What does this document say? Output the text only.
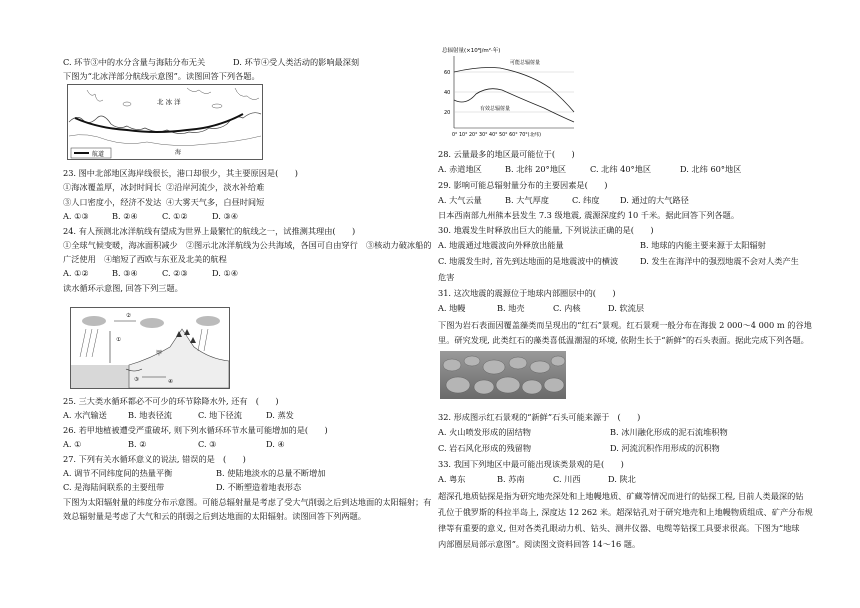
C. 环节③中的水分含量与海陆分布无关	D. 环节④受人类活动的影响最深刻
下图为“北冰洋部分航线示意图”。读图回答下列各题。
航道
北 冰 洋
海
23. 图中北部地区海岸线很长，港口却很少，其主要原因是(　　)
①海冰覆盖厚，冰封时间长 ②沿岸河流少，淡水补给难
③人口密度小，经济不发达 ④大雾天气多，白昼时间短
A. ①③	B. ②④	C. ①②	D. ③④
24. 有人预测北冰洋航线有望成为世界上最繁忙的航线之一，试推测其理由(　　)
①全球气候变暖，海冰面积减少　②图示北冰洋航线为公共海域，各国可自由穿行　③核动力破冰船的
广泛使用　④缩短了西欧与东亚及北美的航程
A. ①②	B. ③④	C. ②③	D. ①④
读水循环示意图, 回答下列三题。
甲
①
②
③	④
25. 三大类水循环都必不可少的环节除降水外, 还有　(　　)
A. 水汽输送	B. 地表径流	C. 地下径流	D. 蒸发
26. 若甲地植被遭受严重破坏, 则下列水循环环节水量可能增加的是(　　)
A. ①	B. ②	C. ③	D. ④
27. 下列有关水循环意义的说法, 错误的是　(　　)
A. 调节不同纬度间的热量平衡	B. 使陆地淡水的总量不断增加
C. 是海陆间联系的主要纽带	D. 不断塑造着地表形态
下图为太阳辐射量的纬度分布示意图。可能总辐射量是考虑了受大气削弱之后到达地面的太阳辐射；有
效总辐射量是考虑了大气和云的削弱之后到达地面的太阳辐射。读图回答下列两题。
总辐射量(×10⁸J/m²·年)
60
40
20
可能总辐射量
有效总辐射量
0° 10° 20° 30° 40° 50° 60° 70°(北纬)
28. 云量最多的地区最可能位于(　　)
A. 赤道地区	B. 北纬 20°地区	C. 北纬 40°地区	D. 北纬 60°地区
29. 影响可能总辐射量分布的主要因素是(　　)
A. 大气云量	B. 大气厚度	C. 纬度 D. 通过的大气路径
日本西南部九州熊本县发生 7.3 级地震, 震源深度约 10 千米。据此回答下列各题。
30. 地震发生时释放出巨大的能量, 下列说法正确的是(　　)
A. 地震通过地震波向外释放出能量	B. 地球的内能主要来源于太阳辐射
C. 地震发生时, 首先到达地面的是地震波中的横波	D. 发生在海洋中的强烈地震不会对人类产生
危害
31. 这次地震的震源位于地球内部圈层中的(　　)
A. 地幔	B. 地壳	C. 内核	D. 软流层
下图为岩石表面因覆盖藻类而呈现出的“红石”景观。红石景观一般分布在海拔 2 000～4 000 m 的谷地
里。研究发现, 此类红石的藻类喜低温潮湿的环境, 依附生长于“新鲜”的石头表面。据此完成下列各题。
32. 形成图示红石景观的“新鲜”石头可能来源于　(　　)
A. 火山喷发形成的固结物	B. 冰川融化形成的泥石流堆积物
C. 岩石风化形成的残留物	D. 河流沉积作用形成的沉积物
33. 我国下列地区中最可能出现该类景观的是(　　)
A. 粤东	B. 苏南	C. 川西	D. 陕北
超深孔地质钻探是指为研究地壳深处和上地幔地质、矿藏等情况而进行的钻探工程, 目前人类最深的钻
孔位于俄罗斯的科拉半岛上, 深度达 12 262 米。超深钻孔对于研究地壳和上地幔物质组成、矿产分布规
律等有重要的意义, 但对各类孔眼动力机、钻头、测井仪器、电缆等钻探工具要求很高。下图为“地球
内部圈层局部示意图”。阅读图文资料回答 14～16 题。
